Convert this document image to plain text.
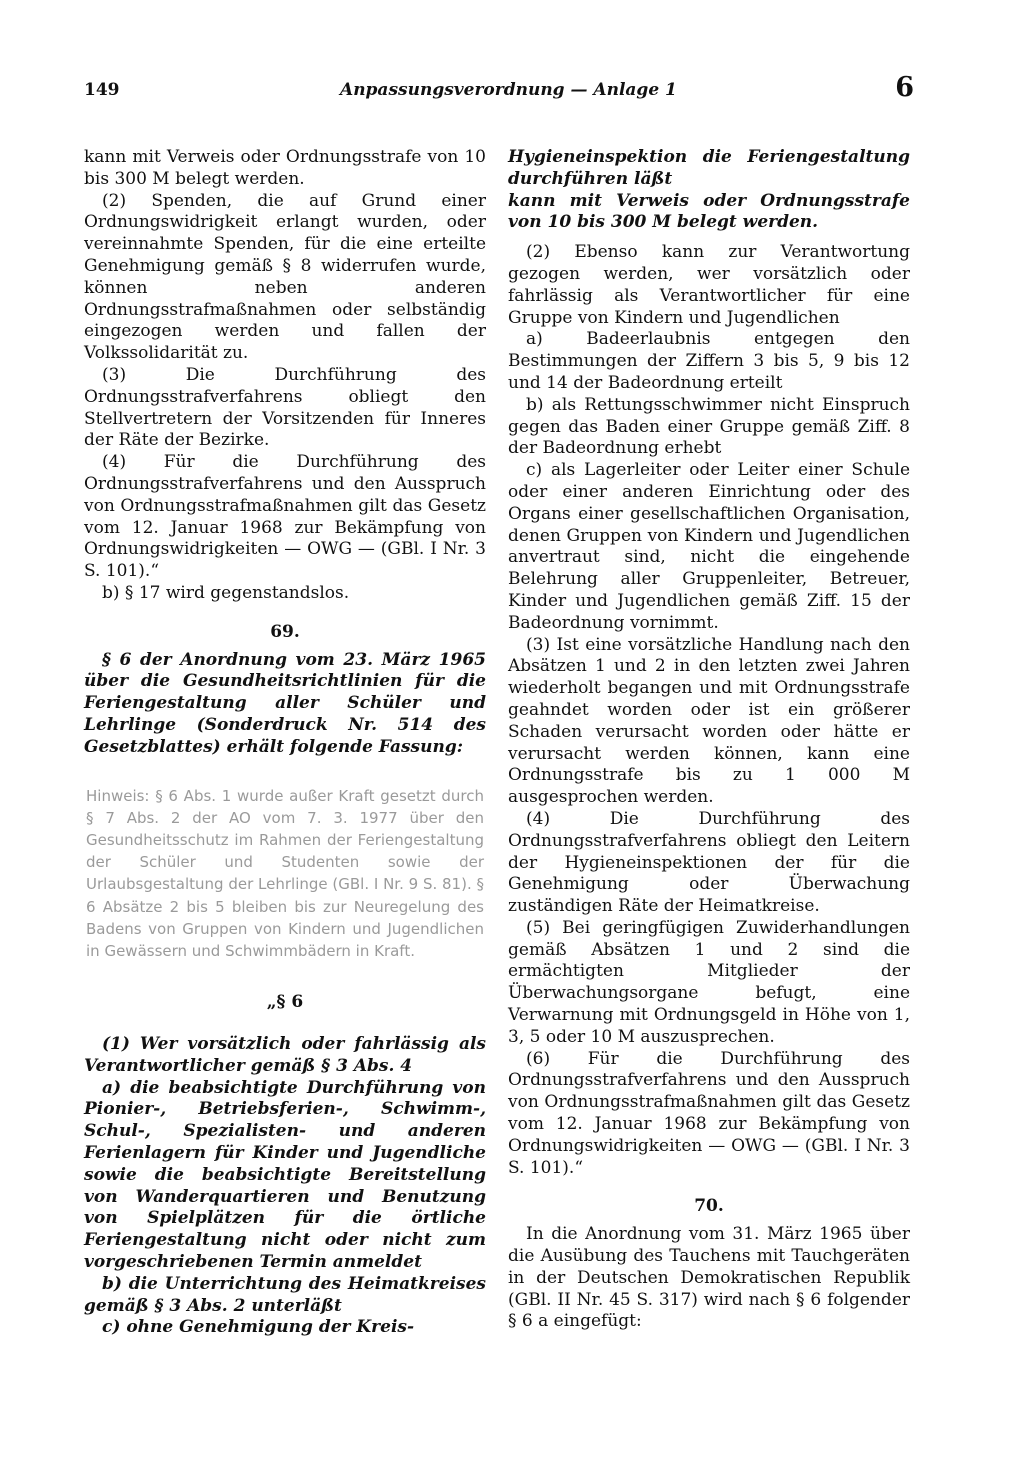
149	Anpassungsverordnung — Anlage 1	6

kann mit Verweis oder Ordnungsstrafe von 10 bis 300 M belegt werden.

(2) Spenden, die auf Grund einer Ordnungswidrigkeit erlangt wurden, oder vereinnahmte Spenden, für die eine erteilte Genehmigung gemäß § 8 widerrufen wurde, können neben anderen Ordnungsstrafmaßnahmen oder selbständig eingezogen werden und fallen der Volkssolidarität zu.

(3) Die Durchführung des Ordnungsstrafverfahrens obliegt den Stellvertretern der Vorsitzenden für Inneres der Räte der Bezirke.

(4) Für die Durchführung des Ordnungsstrafverfahrens und den Ausspruch von Ordnungsstrafmaßnahmen gilt das Gesetz vom 12. Januar 1968 zur Bekämpfung von Ordnungswidrigkeiten — OWG — (GBl. I Nr. 3 S. 101).“

b) § 17 wird gegenstandslos.

69.

§ 6 der Anordnung vom 23. März 1965 über die Gesundheitsrichtlinien für die Feriengestaltung aller Schüler und Lehrlinge (Sonderdruck Nr. 514 des Gesetzblattes) erhält folgende Fassung:

Hinweis: § 6 Abs. 1 wurde außer Kraft gesetzt durch § 7 Abs. 2 der AO vom 7. 3. 1977 über den Gesundheitsschutz im Rahmen der Feriengestaltung der Schüler und Studenten sowie der Urlaubsgestaltung der Lehrlinge (GBl. I Nr. 9 S. 81). § 6 Absätze 2 bis 5 bleiben bis zur Neuregelung des Badens von Gruppen von Kindern und Jugendlichen in Gewässern und Schwimmbädern in Kraft.

„§ 6

(1) Wer vorsätzlich oder fahrlässig als Verantwortlicher gemäß § 3 Abs. 4

a) die beabsichtigte Durchführung von Pionier-, Betriebsferien-, Schwimm-, Schul-, Spezialisten- und anderen Ferienlagern für Kinder und Jugendliche sowie die beabsichtigte Bereitstellung von Wanderquartieren und Benutzung von Spielplätzen für die örtliche Feriengestaltung nicht oder nicht zum vorgeschriebenen Termin anmeldet

b) die Unterrichtung des Heimatkreises gemäß § 3 Abs. 2 unterläßt

c) ohne Genehmigung der Kreis-

Hygieneinspektion die Feriengestaltung durchführen läßt

kann mit Verweis oder Ordnungsstrafe von 10 bis 300 M belegt werden.

(2) Ebenso kann zur Verantwortung gezogen werden, wer vorsätzlich oder fahrlässig als Verantwortlicher für eine Gruppe von Kindern und Jugendlichen

a) Badeerlaubnis entgegen den Bestimmungen der Ziffern 3 bis 5, 9 bis 12 und 14 der Badeordnung erteilt

b) als Rettungsschwimmer nicht Einspruch gegen das Baden einer Gruppe gemäß Ziff. 8 der Badeordnung erhebt

c) als Lagerleiter oder Leiter einer Schule oder einer anderen Einrichtung oder des Organs einer gesellschaftlichen Organisation, denen Gruppen von Kindern und Jugendlichen anvertraut sind, nicht die eingehende Belehrung aller Gruppenleiter, Betreuer, Kinder und Jugendlichen gemäß Ziff. 15 der Badeordnung vornimmt.

(3) Ist eine vorsätzliche Handlung nach den Absätzen 1 und 2 in den letzten zwei Jahren wiederholt begangen und mit Ordnungsstrafe geahndet worden oder ist ein größerer Schaden verursacht worden oder hätte er verursacht werden können, kann eine Ordnungsstrafe bis zu 1 000 M ausgesprochen werden.

(4) Die Durchführung des Ordnungsstrafverfahrens obliegt den Leitern der Hygieneinspektionen der für die Genehmigung oder Überwachung zuständigen Räte der Heimatkreise.

(5) Bei geringfügigen Zuwiderhandlungen gemäß Absätzen 1 und 2 sind die ermächtigten Mitglieder der Überwachungsorgane befugt, eine Verwarnung mit Ordnungsgeld in Höhe von 1, 3, 5 oder 10 M auszusprechen.

(6) Für die Durchführung des Ordnungsstrafverfahrens und den Ausspruch von Ordnungsstrafmaßnahmen gilt das Gesetz vom 12. Januar 1968 zur Bekämpfung von Ordnungswidrigkeiten — OWG — (GBl. I Nr. 3 S. 101).“

70.

In die Anordnung vom 31. März 1965 über die Ausübung des Tauchens mit Tauchgeräten in der Deutschen Demokratischen Republik (GBl. II Nr. 45 S. 317) wird nach § 6 folgender § 6 a eingefügt:
